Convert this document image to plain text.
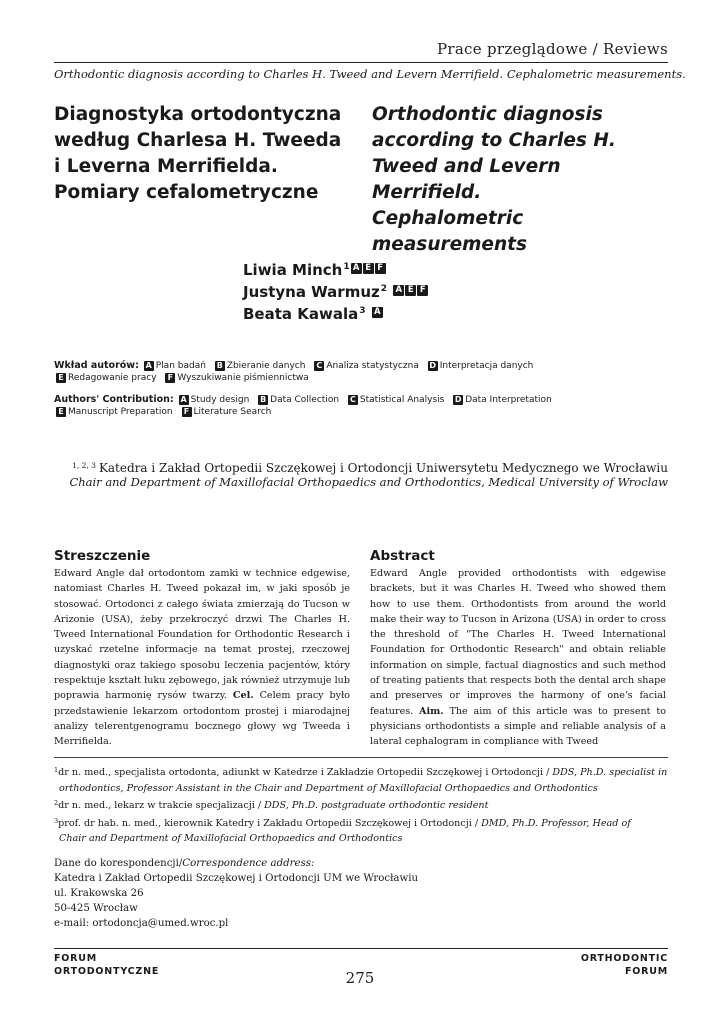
Prace przeglądowe / Reviews
Orthodontic diagnosis according to Charles H. Tweed and Levern Merrifield. Cephalometric measurements.
Diagnostyka ortodontyczna
według Charlesa H. Tweeda
i Leverna Merrifielda.
Pomiary cefalometryczne
Orthodontic diagnosis
according to Charles H.
Tweed and Levern Merrifield.
Cephalometric measurements
Liwia Minch$^1$ A E F
Justyna Warmuz$^2$ A E F
Beata Kawala$^3$ A
Wkład autorów: A Plan badań B Zbieranie danych C Analiza statystyczna D Interpretacja danych
E Redagowanie pracy F Wyszukiwanie piśmiennictwa
Authors' Contribution: A Study design B Data Collection C Statistical Analysis D Data Interpretation
E Manuscript Preparation F Literature Search
$^{1, 2, 3}$ Katedra i Zakład Ortopedii Szczękowej i Ortodoncji Uniwersytetu Medycznego we Wrocławiu
Chair and Department of Maxillofacial Orthopaedics and Orthodontics, Medical University of Wroclaw
Streszczenie

Edward Angle dał ortodontom zamki w technice edgewise, natomiast Charles H. Tweed pokazał im, w jaki sposób je stosować. Ortodonci z całego świata zmierzają do Tucson w Arizonie (USA), żeby przekroczyć drzwi The Charles H. Tweed International Foundation for Orthodontic Research i uzyskać rzetelne informacje na temat prostej, rzeczowej diagnostyki oraz takiego sposobu leczenia pacjentów, który respektuje kształt łuku zębowego, jak również utrzymuje lub poprawia harmonię rysów twarzy. Cel. Celem pracy było przedstawienie lekarzom ortodontom prostej i miarodajnej analizy telerentgenogramu bocznego głowy wg Tweeda i Merrifielda.

Abstract

Edward Angle provided orthodontists with edgewise brackets, but it was Charles H. Tweed who showed them how to use them. Orthodontists from around the world make their way to Tucson in Arizona (USA) in order to cross the threshold of "The Charles H. Tweed International Foundation for Orthodontic Research" and obtain reliable information on simple, factual diagnostics and such method of treating patients that respects both the dental arch shape and preserves or improves the harmony of one's facial features. Aim. The aim of this article was to present to physicians orthodontists a simple and reliable analysis of a lateral cephalogram in compliance with Tweed

$^1$dr n. med., specjalista ortodonta, adiunkt w Katedrze i Zakładzie Ortopedii Szczękowej i Ortodoncji / DDS, Ph.D. specialist in
orthodontics, Professor Assistant in the Chair and Department of Maxillofacial Orthopaedics and Orthodontics
$^2$dr n. med., lekarz w trakcie specjalizacji / DDS, Ph.D. postgraduate orthodontic resident
$^3$prof. dr hab. n. med., kierownik Katedry i Zakładu Ortopedii Szczękowej i Ortodoncji / DMD, Ph.D. Professor, Head of
Chair and Department of Maxillofacial Orthopaedics and Orthodontics
Dane do korespondencji/Correspondence address:
Katedra i Zakład Ortopedii Szczękowej i Ortodoncji UM we Wrocławiu
ul. Krakowska 26
50-425 Wrocław
e-mail: ortodoncja@umed.wroc.pl
FORUM
ORTODONTYCZNE
ORTHODONTIC
FORUM
275
